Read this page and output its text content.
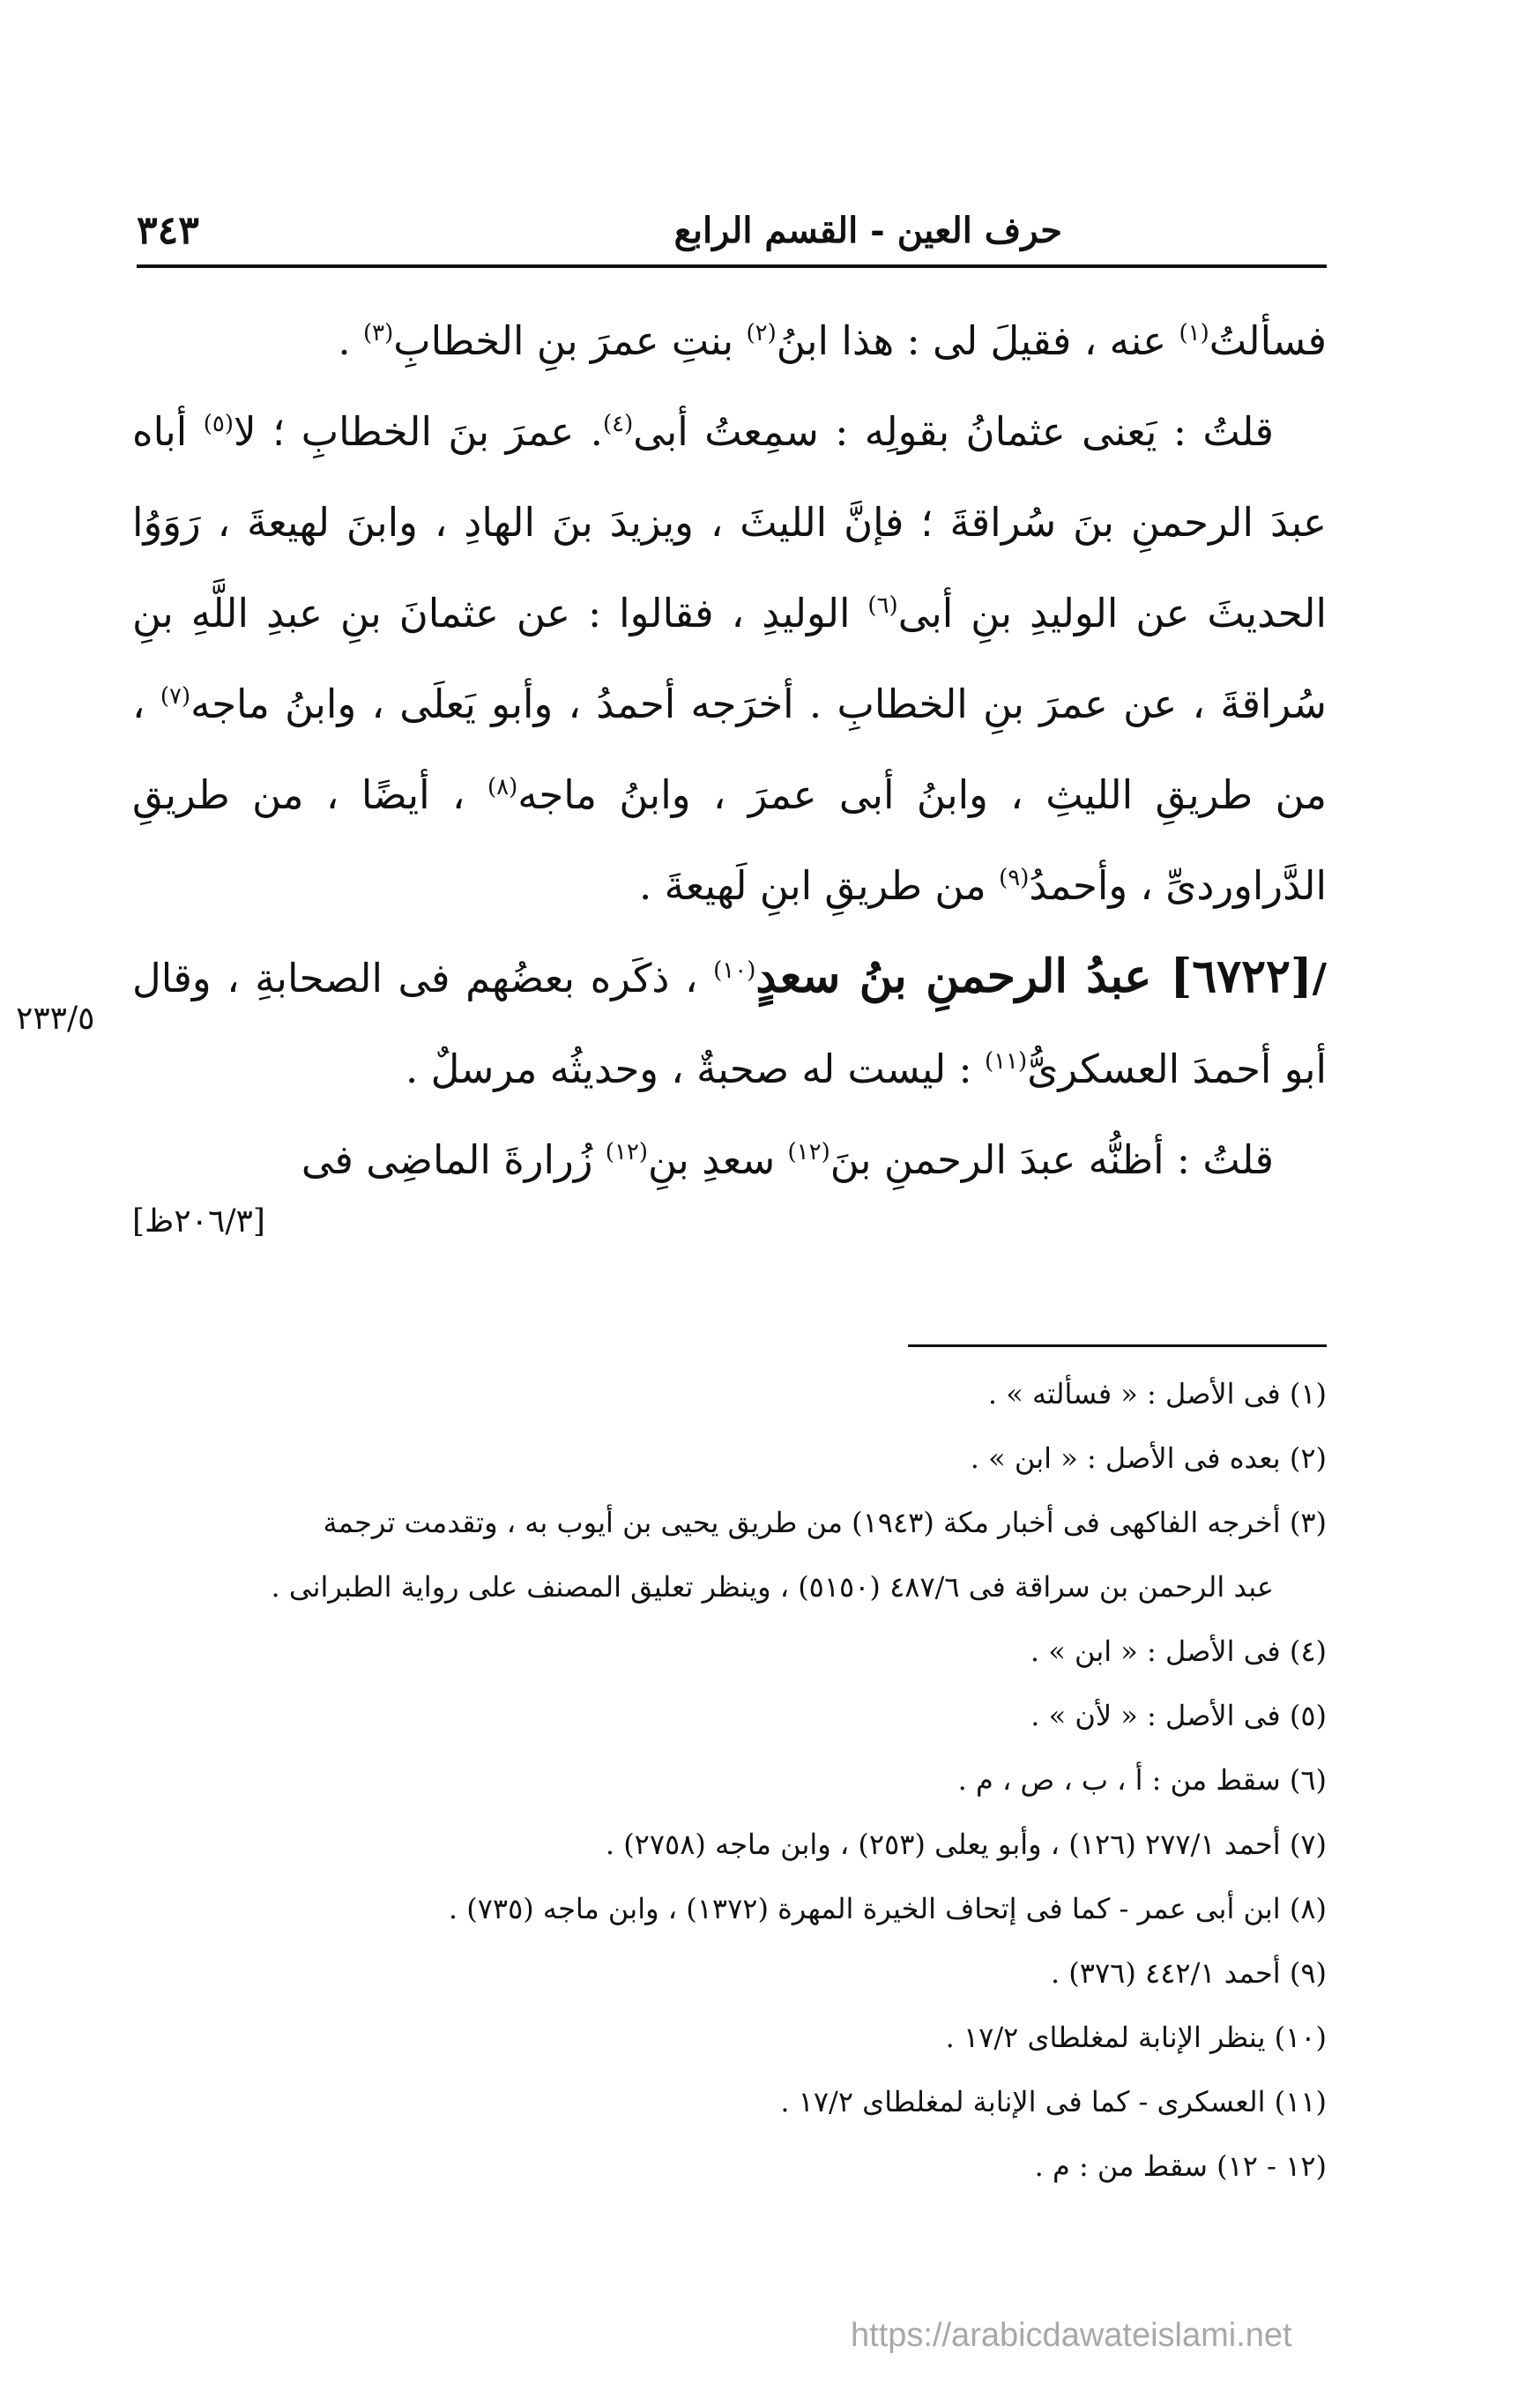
حرف العين - القسم الرابع
٣٤٣

فسألتُ$^{(١)}$ عنه ، فقيلَ لى : هذا ابنُ$^{(٢)}$ بنتِ عمرَ بنِ الخطابِ$^{(٣)}$ .

قلتُ : يَعنى عثمانُ بقولِه : سمِعتُ أبى$^{(٤)}$. عمرَ بنَ الخطابِ ؛ لا$^{(٥)}$ أباه عبدَ الرحمنِ بنَ سُراقةَ ؛ فإنَّ الليثَ ، ويزيدَ بنَ الهادِ ، وابنَ لهيعةَ ، رَوَوُا الحديثَ عن الوليدِ بنِ أبى$^{(٦)}$ الوليدِ ، فقالوا : عن عثمانَ بنِ عبدِ اللَّهِ بنِ سُراقةَ ، عن عمرَ بنِ الخطابِ . أخرَجه أحمدُ ، وأبو يَعلَى ، وابنُ ماجه$^{(٧)}$ ، من طريقِ الليثِ ، وابنُ أبى عمرَ ، وابنُ ماجه$^{(٨)}$ ، أيضًا ، من طريقِ الدَّراوردىِّ ، وأحمدُ$^{(٩)}$ من طريقِ ابنِ لَهيعةَ .

/[٦٧٢٢] عبدُ الرحمنِ بنُ سعدٍ$^{(١٠)}$ ، ذكَره بعضُهم فى الصحابةِ ، وقال أبو أحمدَ العسكرىُّ$^{(١١)}$ : ليست له صحبةٌ ، وحديثُه مرسلٌ .

قلتُ : أظنُّه عبدَ الرحمنِ بنَ$^{(١٢)}$ سعدِ بنِ$^{(١٢)}$ زُرارةَ الماضِى فى

٢٣٣/٥
[٢٠٦/٣ظ]

(١) فى الأصل : « فسألته » .

(٢) بعده فى الأصل : « ابن » .

(٣) أخرجه الفاكهى فى أخبار مكة (١٩٤٣) من طريق يحيى بن أيوب به ، وتقدمت ترجمة
عبد الرحمن بن سراقة فى ٤٨٧/٦ (٥١٥٠) ، وينظر تعليق المصنف على رواية الطبرانى .

(٤) فى الأصل : « ابن » .

(٥) فى الأصل : « لأن » .

(٦) سقط من : أ ، ب ، ص ، م .

(٧) أحمد ٢٧٧/١ (١٢٦) ، وأبو يعلى (٢٥٣) ، وابن ماجه (٢٧٥٨) .

(٨) ابن أبى عمر - كما فى إتحاف الخيرة المهرة (١٣٧٢) ، وابن ماجه (٧٣٥) .

(٩) أحمد ٤٤٢/١ (٣٧٦) .

(١٠) ينظر الإنابة لمغلطاى ١٧/٢ .

(١١) العسكرى - كما فى الإنابة لمغلطاى ١٧/٢ .

(١٢ - ١٢) سقط من : م .

https://arabicdawateislami.net
